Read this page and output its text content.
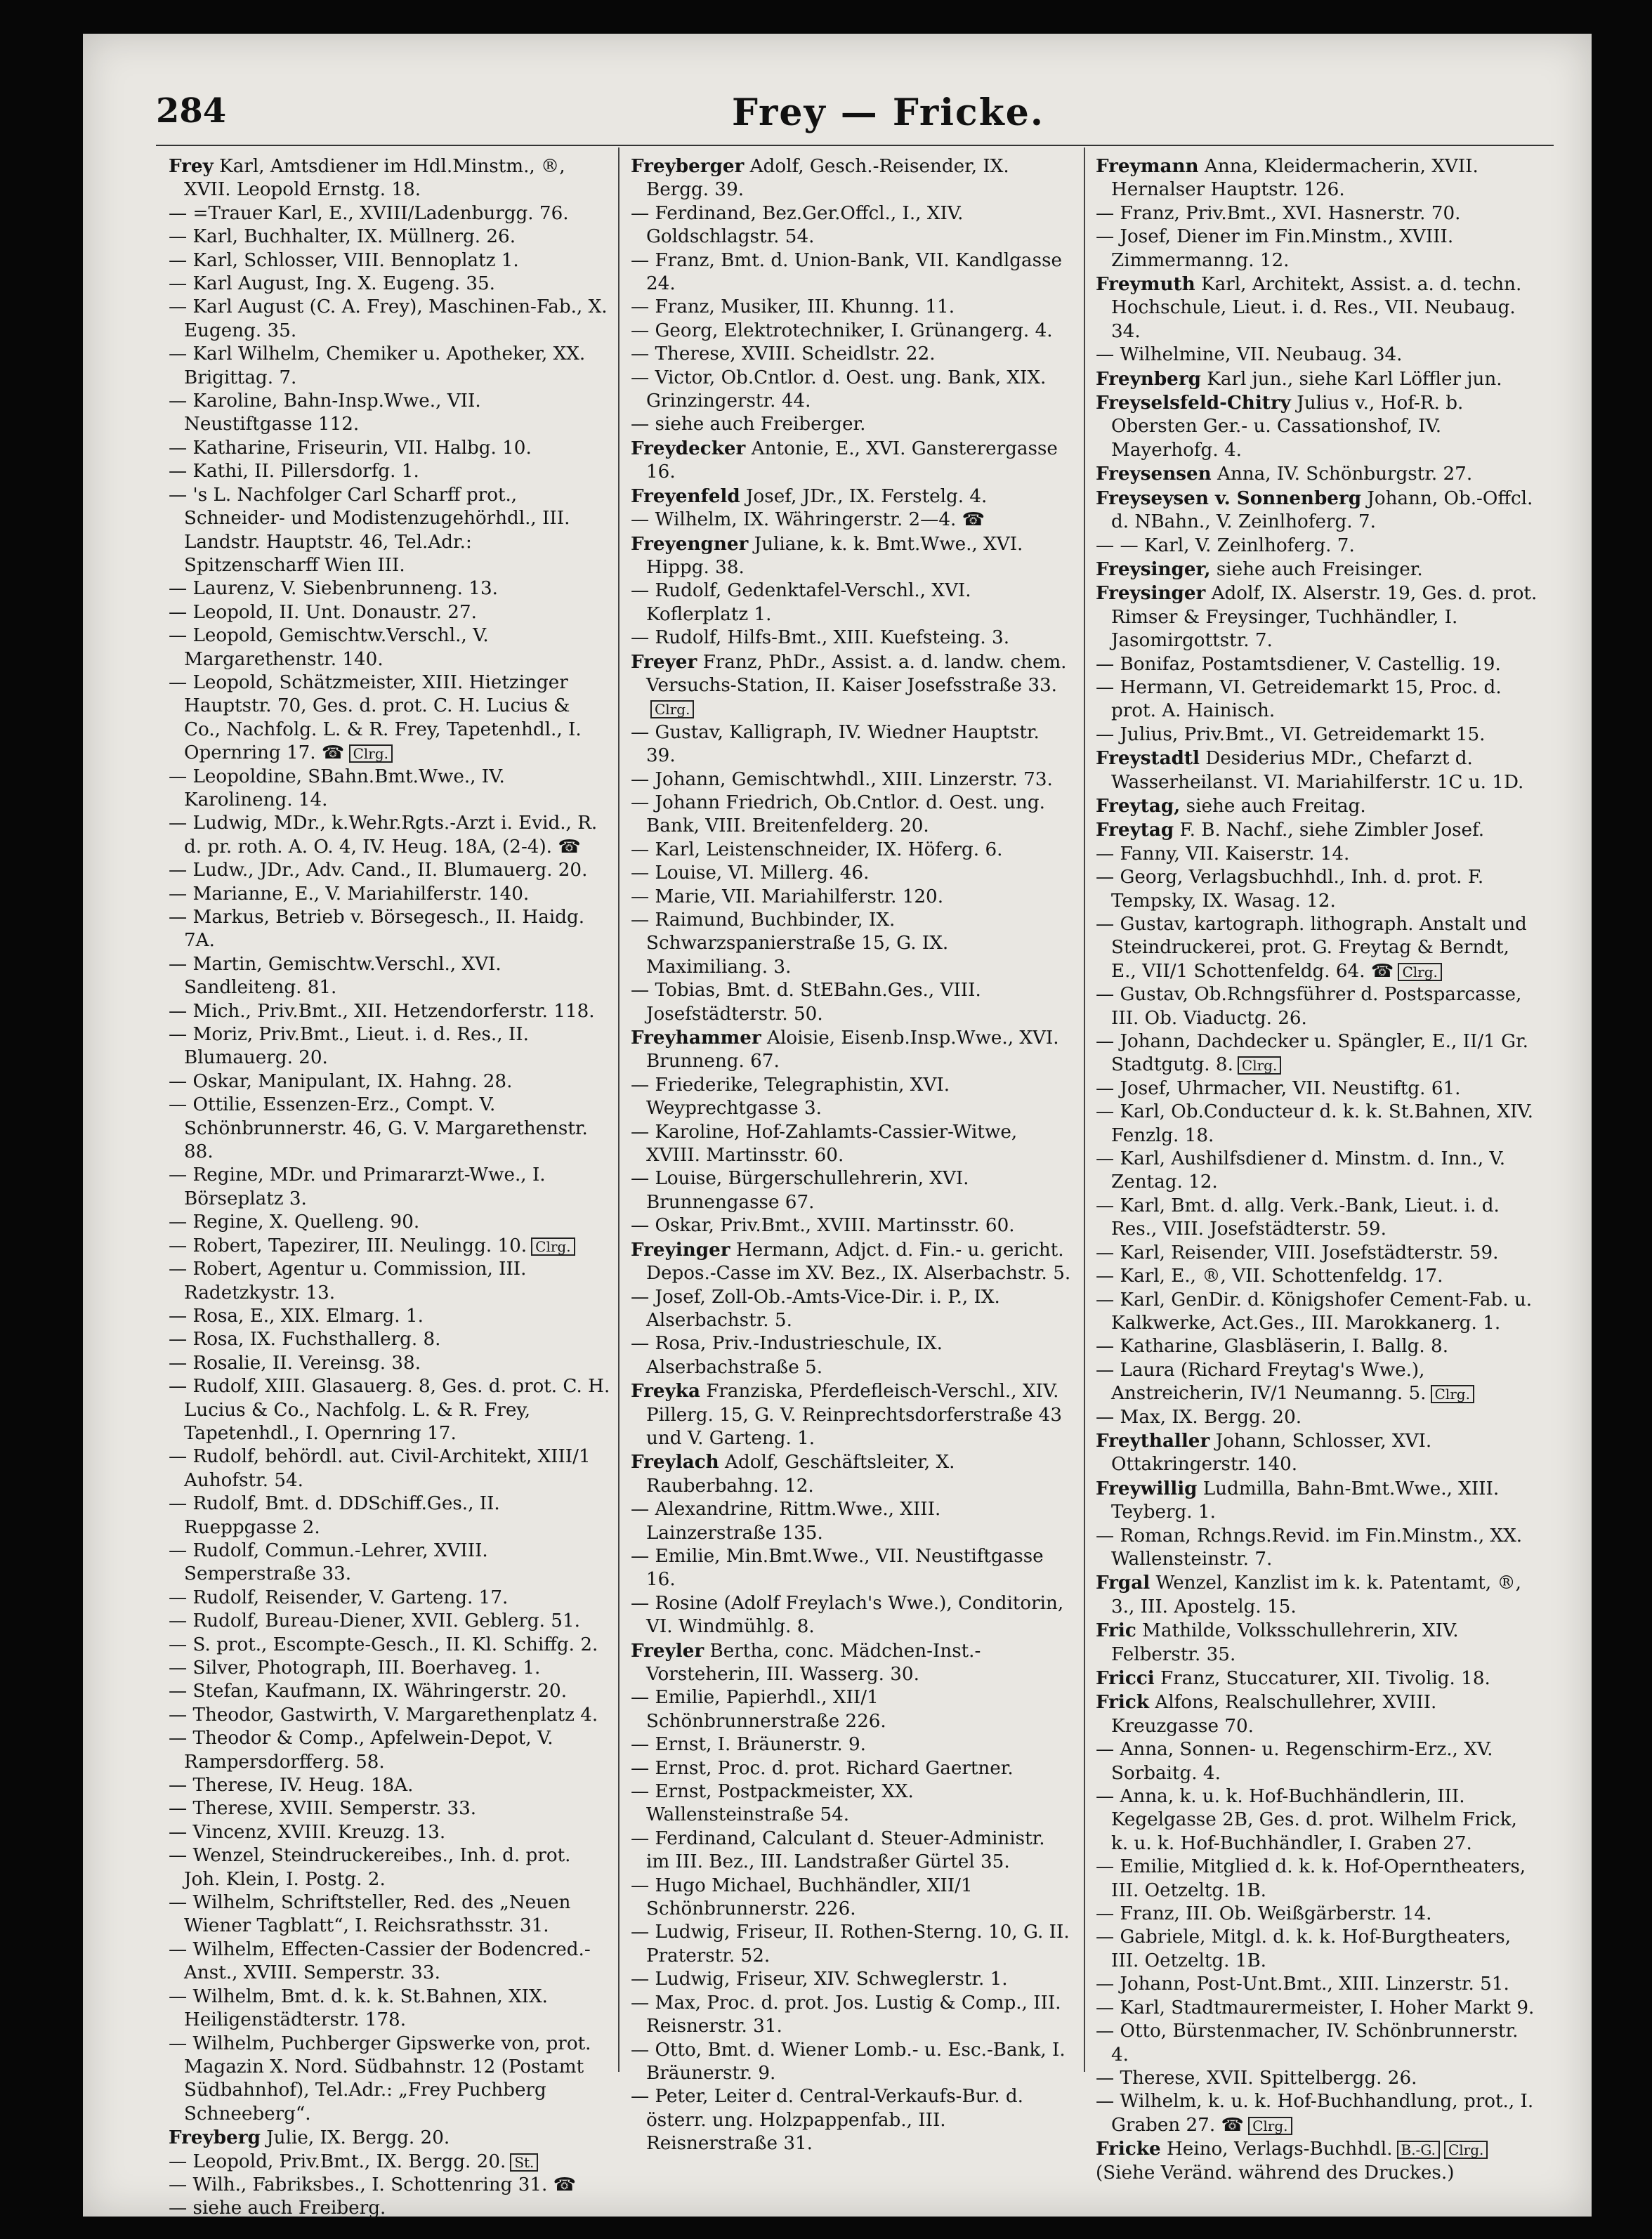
284	Frey — Fricke.

Frey Karl, Amtsdiener im Hdl.Minstm., ®, XVII. Leopold Ernstg. 18.

— =Trauer Karl, E., XVIII/Ladenburgg. 76.

— Karl, Buchhalter, IX. Müllnerg. 26.

— Karl, Schlosser, VIII. Bennoplatz 1.

— Karl August, Ing. X. Eugeng. 35.

— Karl August (C. A. Frey), Maschinen-Fab., X. Eugeng. 35.

— Karl Wilhelm, Chemiker u. Apotheker, XX. Brigittag. 7.

— Karoline, Bahn-Insp.Wwe., VII. Neustiftgasse 112.

— Katharine, Friseurin, VII. Halbg. 10.

— Kathi, II. Pillersdorfg. 1.

— 's L. Nachfolger Carl Scharff prot., Schneider- und Modistenzugehörhdl., III. Landstr. Hauptstr. 46, Tel.Adr.: Spitzenscharff Wien III.

— Laurenz, V. Siebenbrunneng. 13.

— Leopold, II. Unt. Donaustr. 27.

— Leopold, Gemischtw.Verschl., V. Margarethenstr. 140.

— Leopold, Schätzmeister, XIII. Hietzinger Hauptstr. 70, Ges. d. prot. C. H. Lucius & Co., Nachfolg. L. & R. Frey, Tapetenhdl., I. Opernring 17. ☎ Clrg.

— Leopoldine, SBahn.Bmt.Wwe., IV. Karolineng. 14.

— Ludwig, MDr., k.Wehr.Rgts.-Arzt i. Evid., R. d. pr. roth. A. O. 4, IV. Heug. 18A, (2-4). ☎

— Ludw., JDr., Adv. Cand., II. Blumauerg. 20.

— Marianne, E., V. Mariahilferstr. 140.

— Markus, Betrieb v. Börsegesch., II. Haidg. 7A.

— Martin, Gemischtw.Verschl., XVI. Sandleiteng. 81.

— Mich., Priv.Bmt., XII. Hetzendorferstr. 118.

— Moriz, Priv.Bmt., Lieut. i. d. Res., II. Blumauerg. 20.

— Oskar, Manipulant, IX. Hahng. 28.

— Ottilie, Essenzen-Erz., Compt. V. Schönbrunnerstr. 46, G. V. Margarethenstr. 88.

— Regine, MDr. und Primararzt-Wwe., I. Börseplatz 3.

— Regine, X. Quelleng. 90.

— Robert, Tapezirer, III. Neulingg. 10. Clrg.

— Robert, Agentur u. Commission, III. Radetzkystr. 13.

— Rosa, E., XIX. Elmarg. 1.

— Rosa, IX. Fuchsthallerg. 8.

— Rosalie, II. Vereinsg. 38.

— Rudolf, XIII. Glasauerg. 8, Ges. d. prot. C. H. Lucius & Co., Nachfolg. L. & R. Frey, Tapetenhdl., I. Opernring 17.

— Rudolf, behördl. aut. Civil-Architekt, XIII/1 Auhofstr. 54.

— Rudolf, Bmt. d. DDSchiff.Ges., II. Rueppgasse 2.

— Rudolf, Commun.-Lehrer, XVIII. Semperstraße 33.

— Rudolf, Reisender, V. Garteng. 17.

— Rudolf, Bureau-Diener, XVII. Geblerg. 51.

— S. prot., Escompte-Gesch., II. Kl. Schiffg. 2.

— Silver, Photograph, III. Boerhaveg. 1.

— Stefan, Kaufmann, IX. Währingerstr. 20.

— Theodor, Gastwirth, V. Margarethenplatz 4.

— Theodor & Comp., Apfelwein-Depot, V. Rampersdorfferg. 58.

— Therese, IV. Heug. 18A.

— Therese, XVIII. Semperstr. 33.

— Vincenz, XVIII. Kreuzg. 13.

— Wenzel, Steindruckereibes., Inh. d. prot. Joh. Klein, I. Postg. 2.

— Wilhelm, Schriftsteller, Red. des „Neuen Wiener Tagblatt“, I. Reichsrathsstr. 31.

— Wilhelm, Effecten-Cassier der Bodencred.-Anst., XVIII. Semperstr. 33.

— Wilhelm, Bmt. d. k. k. St.Bahnen, XIX. Heiligenstädterstr. 178.

— Wilhelm, Puchberger Gipswerke von, prot. Magazin X. Nord. Südbahnstr. 12 (Postamt Südbahnhof), Tel.Adr.: „Frey Puchberg Schneeberg“.

Freyberg Julie, IX. Bergg. 20.

— Leopold, Priv.Bmt., IX. Bergg. 20. St.

— Wilh., Fabriksbes., I. Schottenring 31. ☎

— siehe auch Freiberg.

Freyberger Adolf, Gesch.-Reisender, IX. Bergg. 39.

— Ferdinand, Bez.Ger.Offcl., I., XIV. Goldschlagstr. 54.

— Franz, Bmt. d. Union-Bank, VII. Kandlgasse 24.

— Franz, Musiker, III. Khunng. 11.

— Georg, Elektrotechniker, I. Grünangerg. 4.

— Therese, XVIII. Scheidlstr. 22.

— Victor, Ob.Cntlor. d. Oest. ung. Bank, XIX. Grinzingerstr. 44.

— siehe auch Freiberger.

Freydecker Antonie, E., XVI. Gansterergasse 16.

Freyenfeld Josef, JDr., IX. Ferstelg. 4.

— Wilhelm, IX. Währingerstr. 2—4. ☎

Freyengner Juliane, k. k. Bmt.Wwe., XVI. Hippg. 38.

— Rudolf, Gedenktafel-Verschl., XVI. Koflerplatz 1.

— Rudolf, Hilfs-Bmt., XIII. Kuefsteing. 3.

Freyer Franz, PhDr., Assist. a. d. landw. chem. Versuchs-Station, II. Kaiser Josefsstraße 33.Clrg.

— Gustav, Kalligraph, IV. Wiedner Hauptstr. 39.

— Johann, Gemischtwhdl., XIII. Linzerstr. 73.

— Johann Friedrich, Ob.Cntlor. d. Oest. ung. Bank, VIII. Breitenfelderg. 20.

— Karl, Leistenschneider, IX. Höferg. 6.

— Louise, VI. Millerg. 46.

— Marie, VII. Mariahilferstr. 120.

— Raimund, Buchbinder, IX. Schwarzspanierstraße 15, G. IX. Maximiliang. 3.

— Tobias, Bmt. d. StEBahn.Ges., VIII. Josefstädterstr. 50.

Freyhammer Aloisie, Eisenb.Insp.Wwe., XVI. Brunneng. 67.

— Friederike, Telegraphistin, XVI. Weyprechtgasse 3.

— Karoline, Hof-Zahlamts-Cassier-Witwe, XVIII. Martinsstr. 60.

— Louise, Bürgerschullehrerin, XVI. Brunnengasse 67.

— Oskar, Priv.Bmt., XVIII. Martinsstr. 60.

Freyinger Hermann, Adjct. d. Fin.- u. gericht. Depos.-Casse im XV. Bez., IX. Alserbachstr. 5.

— Josef, Zoll-Ob.-Amts-Vice-Dir. i. P., IX. Alserbachstr. 5.

— Rosa, Priv.-Industrieschule, IX. Alserbachstraße 5.

Freyka Franziska, Pferdefleisch-Verschl., XIV. Pillerg. 15, G. V. Reinprechtsdorferstraße 43 und V. Garteng. 1.

Freylach Adolf, Geschäftsleiter, X. Rauberbahng. 12.

— Alexandrine, Rittm.Wwe., XIII. Lainzerstraße 135.

— Emilie, Min.Bmt.Wwe., VII. Neustiftgasse 16.

— Rosine (Adolf Freylach's Wwe.), Conditorin, VI. Windmühlg. 8.

Freyler Bertha, conc. Mädchen-Inst.-Vorsteherin, III. Wasserg. 30.

— Emilie, Papierhdl., XII/1 Schönbrunnerstraße 226.

— Ernst, I. Bräunerstr. 9.

— Ernst, Proc. d. prot. Richard Gaertner.

— Ernst, Postpackmeister, XX. Wallensteinstraße 54.

— Ferdinand, Calculant d. Steuer-Administr. im III. Bez., III. Landstraßer Gürtel 35.

— Hugo Michael, Buchhändler, XII/1 Schönbrunnerstr. 226.

— Ludwig, Friseur, II. Rothen-Sterng. 10, G. II. Praterstr. 52.

— Ludwig, Friseur, XIV. Schweglerstr. 1.

— Max, Proc. d. prot. Jos. Lustig & Comp., III. Reisnerstr. 31.

— Otto, Bmt. d. Wiener Lomb.- u. Esc.-Bank, I. Bräunerstr. 9.

— Peter, Leiter d. Central-Verkaufs-Bur. d. österr. ung. Holzpappenfab., III. Reisnerstraße 31.

Freymann Anna, Kleidermacherin, XVII. Hernalser Hauptstr. 126.

— Franz, Priv.Bmt., XVI. Hasnerstr. 70.

— Josef, Diener im Fin.Minstm., XVIII. Zimmermanng. 12.

Freymuth Karl, Architekt, Assist. a. d. techn. Hochschule, Lieut. i. d. Res., VII. Neubaug. 34.

— Wilhelmine, VII. Neubaug. 34.

Freynberg Karl jun., siehe Karl Löffler jun.

Freyselsfeld-Chitry Julius v., Hof-R. b. Obersten Ger.- u. Cassationshof, IV. Mayerhofg. 4.

Freysensen Anna, IV. Schönburgstr. 27.

Freyseysen v. Sonnenberg Johann, Ob.-Offcl. d. NBahn., V. Zeinlhoferg. 7.

— — Karl, V. Zeinlhoferg. 7.

Freysinger, siehe auch Freisinger.

Freysinger Adolf, IX. Alserstr. 19, Ges. d. prot. Rimser & Freysinger, Tuchhändler, I. Jasomirgottstr. 7.

— Bonifaz, Postamtsdiener, V. Castellig. 19.

— Hermann, VI. Getreidemarkt 15, Proc. d. prot. A. Hainisch.

— Julius, Priv.Bmt., VI. Getreidemarkt 15.

Freystadtl Desiderius MDr., Chefarzt d. Wasserheilanst. VI. Mariahilferstr. 1C u. 1D.

Freytag, siehe auch Freitag.

Freytag F. B. Nachf., siehe Zimbler Josef.

— Fanny, VII. Kaiserstr. 14.

— Georg, Verlagsbuchhdl., Inh. d. prot. F. Tempsky, IX. Wasag. 12.

— Gustav, kartograph. lithograph. Anstalt und Steindruckerei, prot. G. Freytag & Berndt, E., VII/1 Schottenfeldg. 64. ☎ Clrg.

— Gustav, Ob.Rchngsführer d. Postsparcasse, III. Ob. Viaductg. 26.

— Johann, Dachdecker u. Spängler, E., II/1 Gr. Stadtgutg. 8. Clrg.

— Josef, Uhrmacher, VII. Neustiftg. 61.

— Karl, Ob.Conducteur d. k. k. St.Bahnen, XIV. Fenzlg. 18.

— Karl, Aushilfsdiener d. Minstm. d. Inn., V. Zentag. 12.

— Karl, Bmt. d. allg. Verk.-Bank, Lieut. i. d. Res., VIII. Josefstädterstr. 59.

— Karl, Reisender, VIII. Josefstädterstr. 59.

— Karl, E., ®, VII. Schottenfeldg. 17.

— Karl, GenDir. d. Königshofer Cement-Fab. u. Kalkwerke, Act.Ges., III. Marokkanerg. 1.

— Katharine, Glasbläserin, I. Ballg. 8.

— Laura (Richard Freytag's Wwe.), Anstreicherin, IV/1 Neumanng. 5. Clrg.

— Max, IX. Bergg. 20.

Freythaller Johann, Schlosser, XVI. Ottakringerstr. 140.

Freywillig Ludmilla, Bahn-Bmt.Wwe., XIII. Teyberg. 1.

— Roman, Rchngs.Revid. im Fin.Minstm., XX. Wallensteinstr. 7.

Frgal Wenzel, Kanzlist im k. k. Patentamt, ®, 3., III. Apostelg. 15.

Fric Mathilde, Volksschullehrerin, XIV. Felberstr. 35.

Fricci Franz, Stuccaturer, XII. Tivolig. 18.

Frick Alfons, Realschullehrer, XVIII. Kreuzgasse 70.

— Anna, Sonnen- u. Regenschirm-Erz., XV. Sorbaitg. 4.

— Anna, k. u. k. Hof-Buchhändlerin, III. Kegelgasse 2B, Ges. d. prot. Wilhelm Frick, k. u. k. Hof-Buchhändler, I. Graben 27.

— Emilie, Mitglied d. k. k. Hof-Operntheaters, III. Oetzeltg. 1B.

— Franz, III. Ob. Weißgärberstr. 14.

— Gabriele, Mitgl. d. k. k. Hof-Burgtheaters, III. Oetzeltg. 1B.

— Johann, Post-Unt.Bmt., XIII. Linzerstr. 51.

— Karl, Stadtmaurermeister, I. Hoher Markt 9.

— Otto, Bürstenmacher, IV. Schönbrunnerstr. 4.

— Therese, XVII. Spittelbergg. 26.

— Wilhelm, k. u. k. Hof-Buchhandlung, prot., I. Graben 27. ☎ Clrg.

Fricke Heino, Verlags-Buchhdl. B.-G. Clrg.

(Siehe Veränd. während des Druckes.)
